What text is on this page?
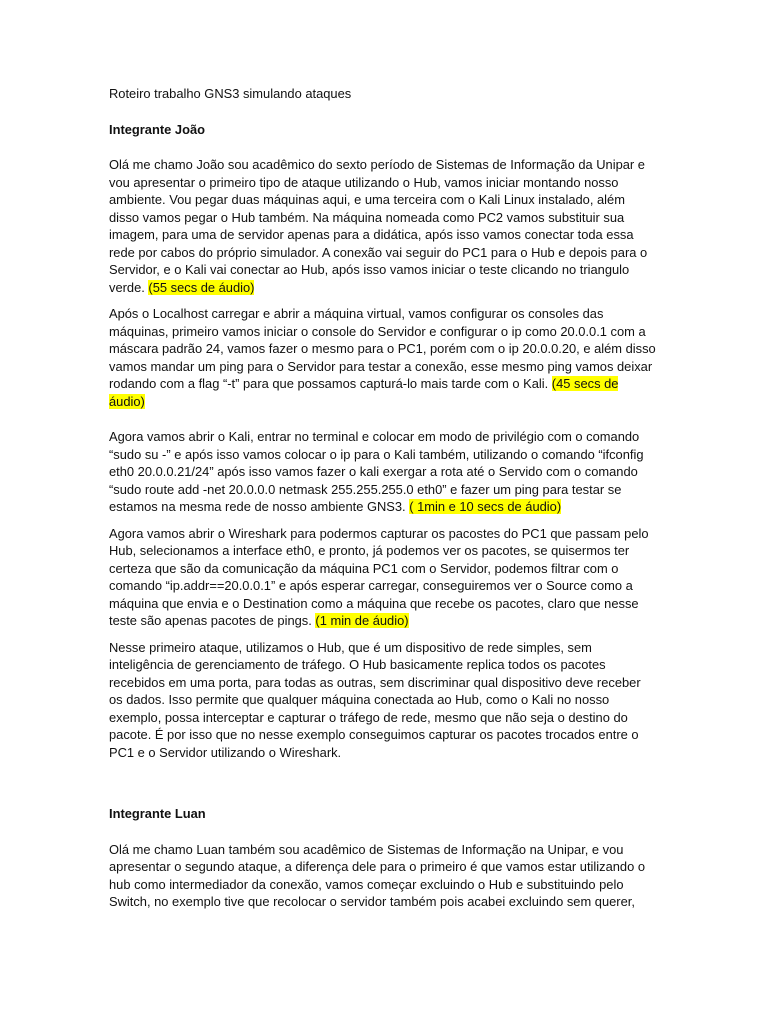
Roteiro trabalho GNS3 simulando ataques
Integrante João

Olá me chamo João sou acadêmico do sexto período de Sistemas de Informação da Unipar e vou apresentar o primeiro tipo de ataque utilizando o Hub, vamos iniciar montando nosso ambiente. Vou pegar duas máquinas aqui, e uma terceira com o Kali Linux instalado, além disso vamos pegar o Hub também. Na máquina nomeada como PC2 vamos substituir sua imagem, para uma de servidor apenas para a didática, após isso vamos conectar toda essa rede por cabos do próprio simulador. A conexão vai seguir do PC1 para o Hub e depois para o Servidor, e o Kali vai conectar ao Hub, após isso vamos iniciar o teste clicando no triangulo verde. (55 secs de áudio)

Após o Localhost carregar e abrir a máquina virtual, vamos configurar os consoles das máquinas, primeiro vamos iniciar o console do Servidor e configurar o ip como 20.0.0.1 com a máscara padrão 24, vamos fazer o mesmo para o PC1, porém com o ip 20.0.0.20, e além disso vamos mandar um ping para o Servidor para testar a conexão, esse mesmo ping vamos deixar rodando com a flag “-t” para que possamos capturá-lo mais tarde com o Kali. (45 secs de áudio)

Agora vamos abrir o Kali, entrar no terminal e colocar em modo de privilégio com o comando “sudo su -” e após isso vamos colocar o ip para o Kali também, utilizando o comando “ifconfig eth0 20.0.0.21/24” após isso vamos fazer o kali exergar a rota até o Servido com o comando “sudo route add -net 20.0.0.0 netmask 255.255.255.0 eth0” e fazer um ping para testar se estamos na mesma rede de nosso ambiente GNS3. ( 1min e 10 secs de áudio)

Agora vamos abrir o Wireshark para podermos capturar os pacostes do PC1 que passam pelo Hub, selecionamos a interface eth0, e pronto, já podemos ver os pacotes, se quisermos ter certeza que são da comunicação da máquina PC1 com o Servidor, podemos filtrar com o comando “ip.addr==20.0.0.1” e após esperar carregar, conseguiremos ver o Source como a máquina que envia e o Destination como a máquina que recebe os pacotes, claro que nesse teste são apenas pacotes de pings. (1 min de áudio)

Nesse primeiro ataque, utilizamos o Hub, que é um dispositivo de rede simples, sem inteligência de gerenciamento de tráfego. O Hub basicamente replica todos os pacotes recebidos em uma porta, para todas as outras, sem discriminar qual dispositivo deve receber os dados. Isso permite que qualquer máquina conectada ao Hub, como o Kali no nosso exemplo, possa interceptar e capturar o tráfego de rede, mesmo que não seja o destino do pacote. É por isso que no nesse exemplo conseguimos capturar os pacotes trocados entre o PC1 e o Servidor utilizando o Wireshark.

Integrante Luan

Olá me chamo Luan também sou acadêmico de Sistemas de Informação na Unipar, e vou apresentar o segundo ataque, a diferença dele para o primeiro é que vamos estar utilizando o hub como intermediador da conexão, vamos começar excluindo o Hub e substituindo pelo Switch, no exemplo tive que recolocar o servidor também pois acabei excluindo sem querer,
